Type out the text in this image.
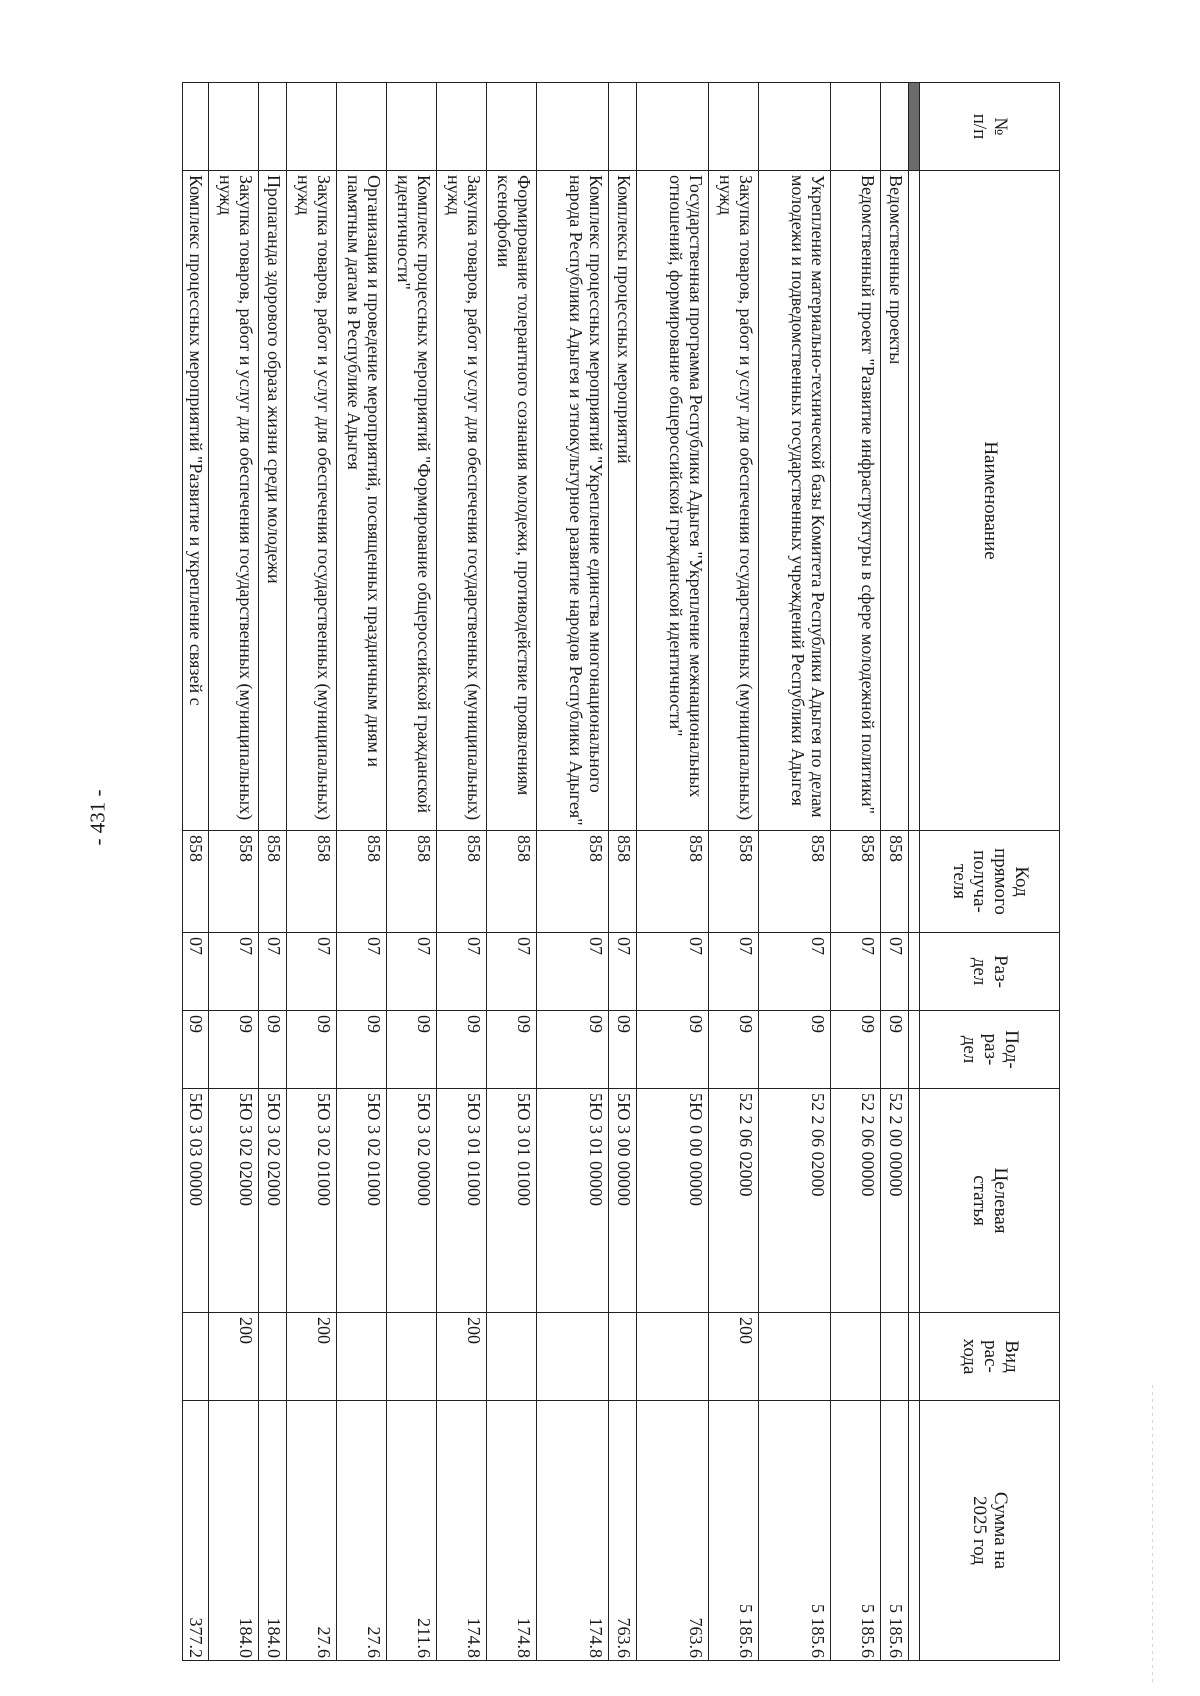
- 431 -
№
п/п	Наименование	Код
прямого
получа-
теля	Раз-
дел	Под-
раз-
дел	Целевая
статья	Вид
рас-
хода	Сумма на
2025 год

	Ведомственные проекты	858	07	09	52 2 00 00000		5 185.6
	Ведомственный проект "Развитие инфраструктуры в сфере молодежной политики"	858	07	09	52 2 06 00000		5 185.6
	Укрепление материально-технической базы Комитета Республики Адыгея по делам молодежи и подведомственных государственных учреждений Республики Адыгея	858	07	09	52 2 06 02000		5 185.6
	Закупка товаров, работ и услуг для обеспечения государственных (муниципальных) нужд	858	07	09	52 2 06 02000	200	5 185.6
	Государственная программа Республики Адыгея "Укрепление межнациональных отношений, формирование общероссийской гражданской идентичности"	858	07	09	5Ю 0 00 00000		763.6
	Комплексы процессных мероприятий	858	07	09	5Ю 3 00 00000		763.6
	Комплекс процессных мероприятий "Укрепление единства многонационального народа Республики Адыгея и этнокультурное развитие народов Республики Адыгея"	858	07	09	5Ю 3 01 00000		174.8
	Формирование толерантного сознания молодежи, противодействие проявлениям ксенофобии	858	07	09	5Ю 3 01 01000		174.8
	Закупка товаров, работ и услуг для обеспечения государственных (муниципальных) нужд	858	07	09	5Ю 3 01 01000	200	174.8
	Комплекс процессных мероприятий "Формирование общероссийской гражданской идентичности"	858	07	09	5Ю 3 02 00000		211.6
	Организация и проведение мероприятий, посвященных праздничным дням и памятным датам в Республике Адыгея	858	07	09	5Ю 3 02 01000		27.6
	Закупка товаров, работ и услуг для обеспечения государственных (муниципальных) нужд	858	07	09	5Ю 3 02 01000	200	27.6
	Пропаганда здорового образа жизни среди молодежи	858	07	09	5Ю 3 02 02000		184.0
	Закупка товаров, работ и услуг для обеспечения государственных (муниципальных) нужд	858	07	09	5Ю 3 02 02000	200	184.0
	Комплекс процессных мероприятий "Развитие и укрепление связей с	858	07	09	5Ю 3 03 00000		377.2
